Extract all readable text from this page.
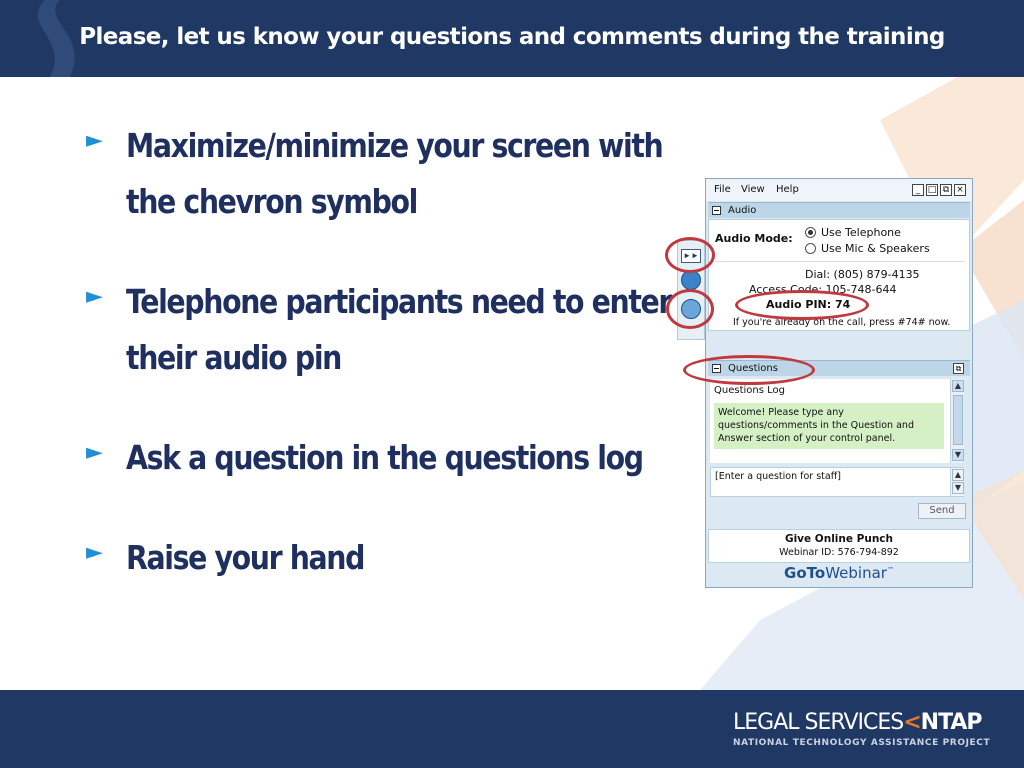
Please, let us know your questions and comments during the training
► Maximize/minimize your screen with the chevron symbol
► Telephone participants need to enter their audio pin
► Ask a question in the questions log
► Raise your hand
►►
File View Help	_ □ ⧉ ×
Audio
Audio Mode:	Use Telephone
Use Mic & Speakers
Dial: (805) 879-4135
Access Code: 105-748-644
Audio PIN: 74
If you're already on the call, press #74# now.
Questions	⧉
Questions Log
Welcome! Please type any questions/comments in the Question and Answer section of your control panel.
▲
▼
[Enter a question for staff]	▲
▼
Send
Give Online Punch
Webinar ID: 576-794-892
GoToWebinar™
LEGAL SERVICES<NTAP
NATIONAL TECHNOLOGY ASSISTANCE PROJECT
